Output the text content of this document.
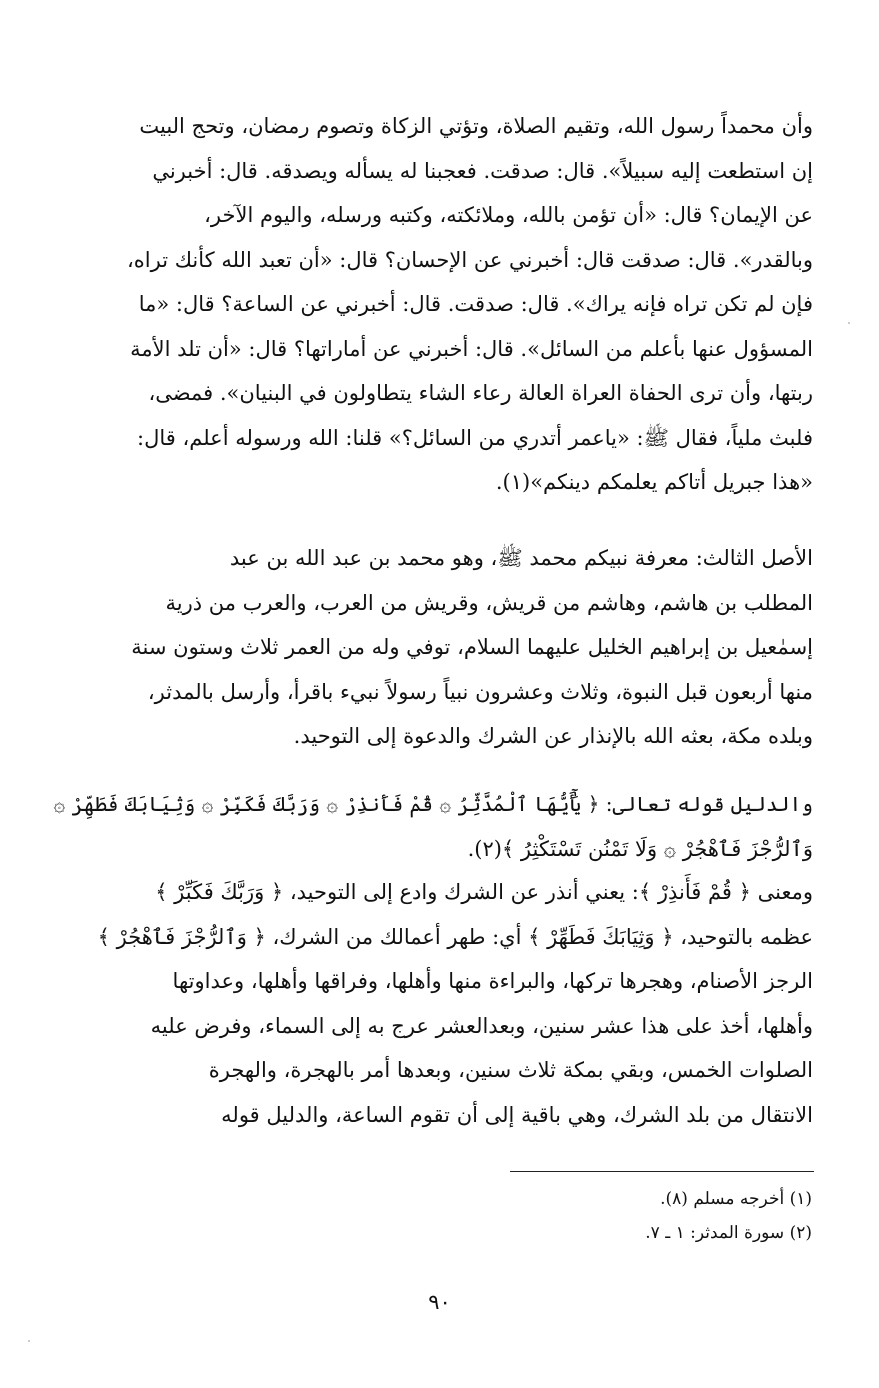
وأن محمداً رسول الله، وتقيم الصلاة، وتؤتي الزكاة وتصوم رمضان، وتحج البيت
إن استطعت إليه سبيلاً». قال: صدقت. فعجبنا له يسأله ويصدقه. قال: أخبرني
عن الإيمان؟ قال: «أن تؤمن بالله، وملائكته، وكتبه ورسله، واليوم الآخر،
وبالقدر». قال: صدقت قال: أخبرني عن الإحسان؟ قال: «أن تعبد الله كأنك تراه،
فإن لم تكن تراه فإنه يراك». قال: صدقت. قال: أخبرني عن الساعة؟ قال: «ما
المسؤول عنها بأعلم من السائل». قال: أخبرني عن أماراتها؟ قال: «أن تلد الأمة
ربتها، وأن ترى الحفاة العراة العالة رعاء الشاء يتطاولون في البنيان». فمضى،
فلبث ملياً، فقال ﷺ: «ياعمر أتدري من السائل؟» قلنا: الله ورسوله أعلم، قال:
«هذا جبريل أتاكم يعلمكم دينكم»(١).
الأصل الثالث: معرفة نبيكم محمد ﷺ، وهو محمد بن عبد الله بن عبد
المطلب بن هاشم، وهاشم من قريش، وقريش من العرب، والعرب من ذرية
إسمٰعيل بن إبراهيم الخليل عليهما السلام، توفي وله من العمر ثلاث وستون سنة
منها أربعون قبل النبوة، وثلاث وعشرون نبياً رسولاً نبيء باقرأ، وأرسل بالمدثر،
وبلده مكة، بعثه الله بالإنذار عن الشرك والدعوة إلى التوحيد.
والدليل قوله تعالى: ﴿ يَٰٓأَيُّهَا ٱلْمُدَّثِّرُ ۞ قُمْ فَأَنذِرْ ۞ وَرَبَّكَ فَكَبِّرْ ۞ وَثِيَابَكَ فَطَهِّرْ ۞
وَٱلرُّجْزَ فَٱهْجُرْ ۞ وَلَا تَمْنُن تَسْتَكْثِرُ ﴾(٢).
ومعنى ﴿ قُمْ فَأَنذِرْ ﴾: يعني أنذر عن الشرك وادع إلى التوحيد، ﴿ وَرَبَّكَ فَكَبِّرْ ﴾
عظمه بالتوحيد، ﴿ وَثِيَابَكَ فَطَهِّرْ ﴾ أي: طهر أعمالك من الشرك، ﴿ وَٱلرُّجْزَ فَٱهْجُرْ ﴾
الرجز الأصنام، وهجرها تركها، والبراءة منها وأهلها، وفراقها وأهلها، وعداوتها
وأهلها، أخذ على هذا عشر سنين، وبعدالعشر عرج به إلى السماء، وفرض عليه
الصلوات الخمس، وبقي بمكة ثلاث سنين، وبعدها أمر بالهجرة، والهجرة
الانتقال من بلد الشرك، وهي باقية إلى أن تقوم الساعة، والدليل قوله
(١) أخرجه مسلم (٨).
(٢) سورة المدثر: ١ ـ ٧.
٩٠
